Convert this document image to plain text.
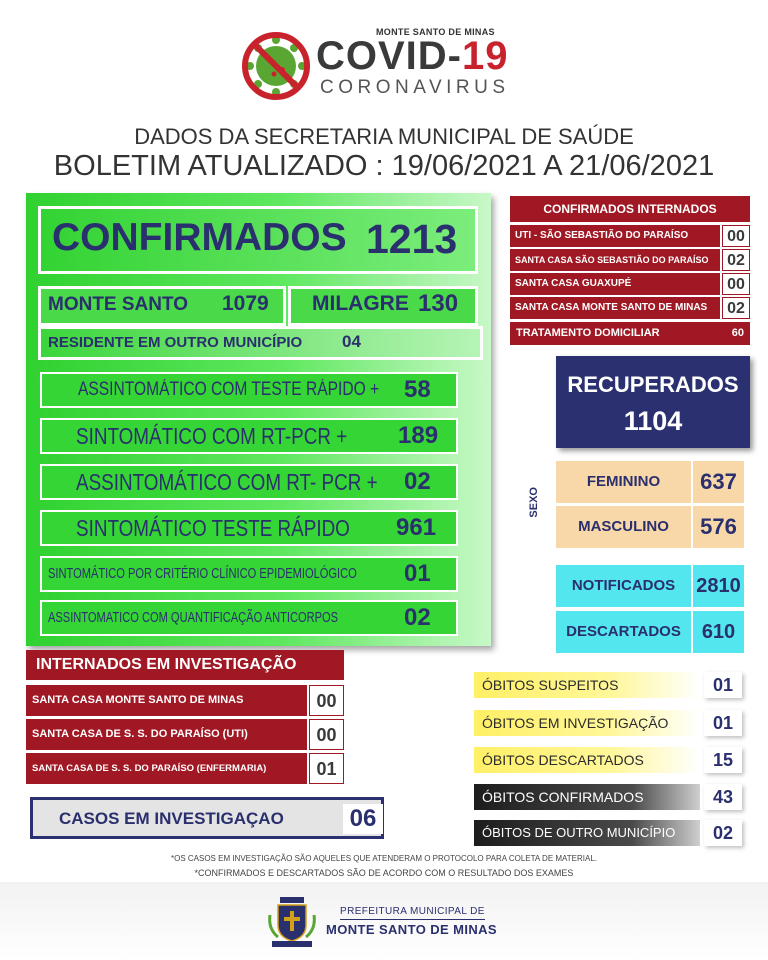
MONTE SANTO DE MINAS
COVID-19
CORONAVIRUS
DADOS DA SECRETARIA MUNICIPAL DE SAÚDE
BOLETIM ATUALIZADO : 19/06/2021 A 21/06/2021
CONFIRMADOS 1213
MONTE SANTO 1079 MILAGRE 130
RESIDENTE EM OUTRO MUNICÍPIO 04
ASSINTOMÁTICO COM TESTE RÁPIDO + 58
SINTOMÁTICO COM RT-PCR + 189
ASSINTOMÁTICO COM RT- PCR + 02
SINTOMÁTICO TESTE RÁPIDO 961
SINTOMÁTICO POR CRITÉRIO CLÍNICO EPIDEMIOLÓGICO 01
ASSINTOMATICO COM QUANTIFICAÇÃO ANTICORPOS	02
CONFIRMADOS INTERNADOS
UTI - SÃO SEBASTIÃO DO PARAÍSO	00
SANTA CASA SÃO SEBASTIÃO DO PARAÍSO	02
SANTA CASA GUAXUPÉ	00
SANTA CASA MONTE SANTO DE MINAS	02
TRATAMENTO DOMICILIAR	60
RECUPERADOS
1104
SEXO
FEMININO	637
MASCULINO	576
NOTIFICADOS	2810
DESCARTADOS	610
INTERNADOS EM INVESTIGAÇÃO
SANTA CASA MONTE SANTO DE MINAS	00
SANTA CASA DE S. S. DO PARAÍSO (UTI)	00
SANTA CASA DE S. S. DO PARAÍSO (ENFERMARIA)	01
CASOS EM INVESTIGAÇAO	06
ÓBITOS SUSPEITOS	01
ÓBITOS EM INVESTIGAÇÃO	01
ÓBITOS DESCARTADOS	15
ÓBITOS CONFIRMADOS	43
ÓBITOS DE OUTRO MUNICÍPIO	02
*OS CASOS EM INVESTIGAÇÃO SÃO AQUELES QUE ATENDERAM O PROTOCOLO PARA COLETA DE MATERIAL.
*CONFIRMADOS E DESCARTADOS SÃO DE ACORDO COM O RESULTADO DOS EXAMES
PREFEITURA MUNICIPAL DE
MONTE SANTO DE MINAS
